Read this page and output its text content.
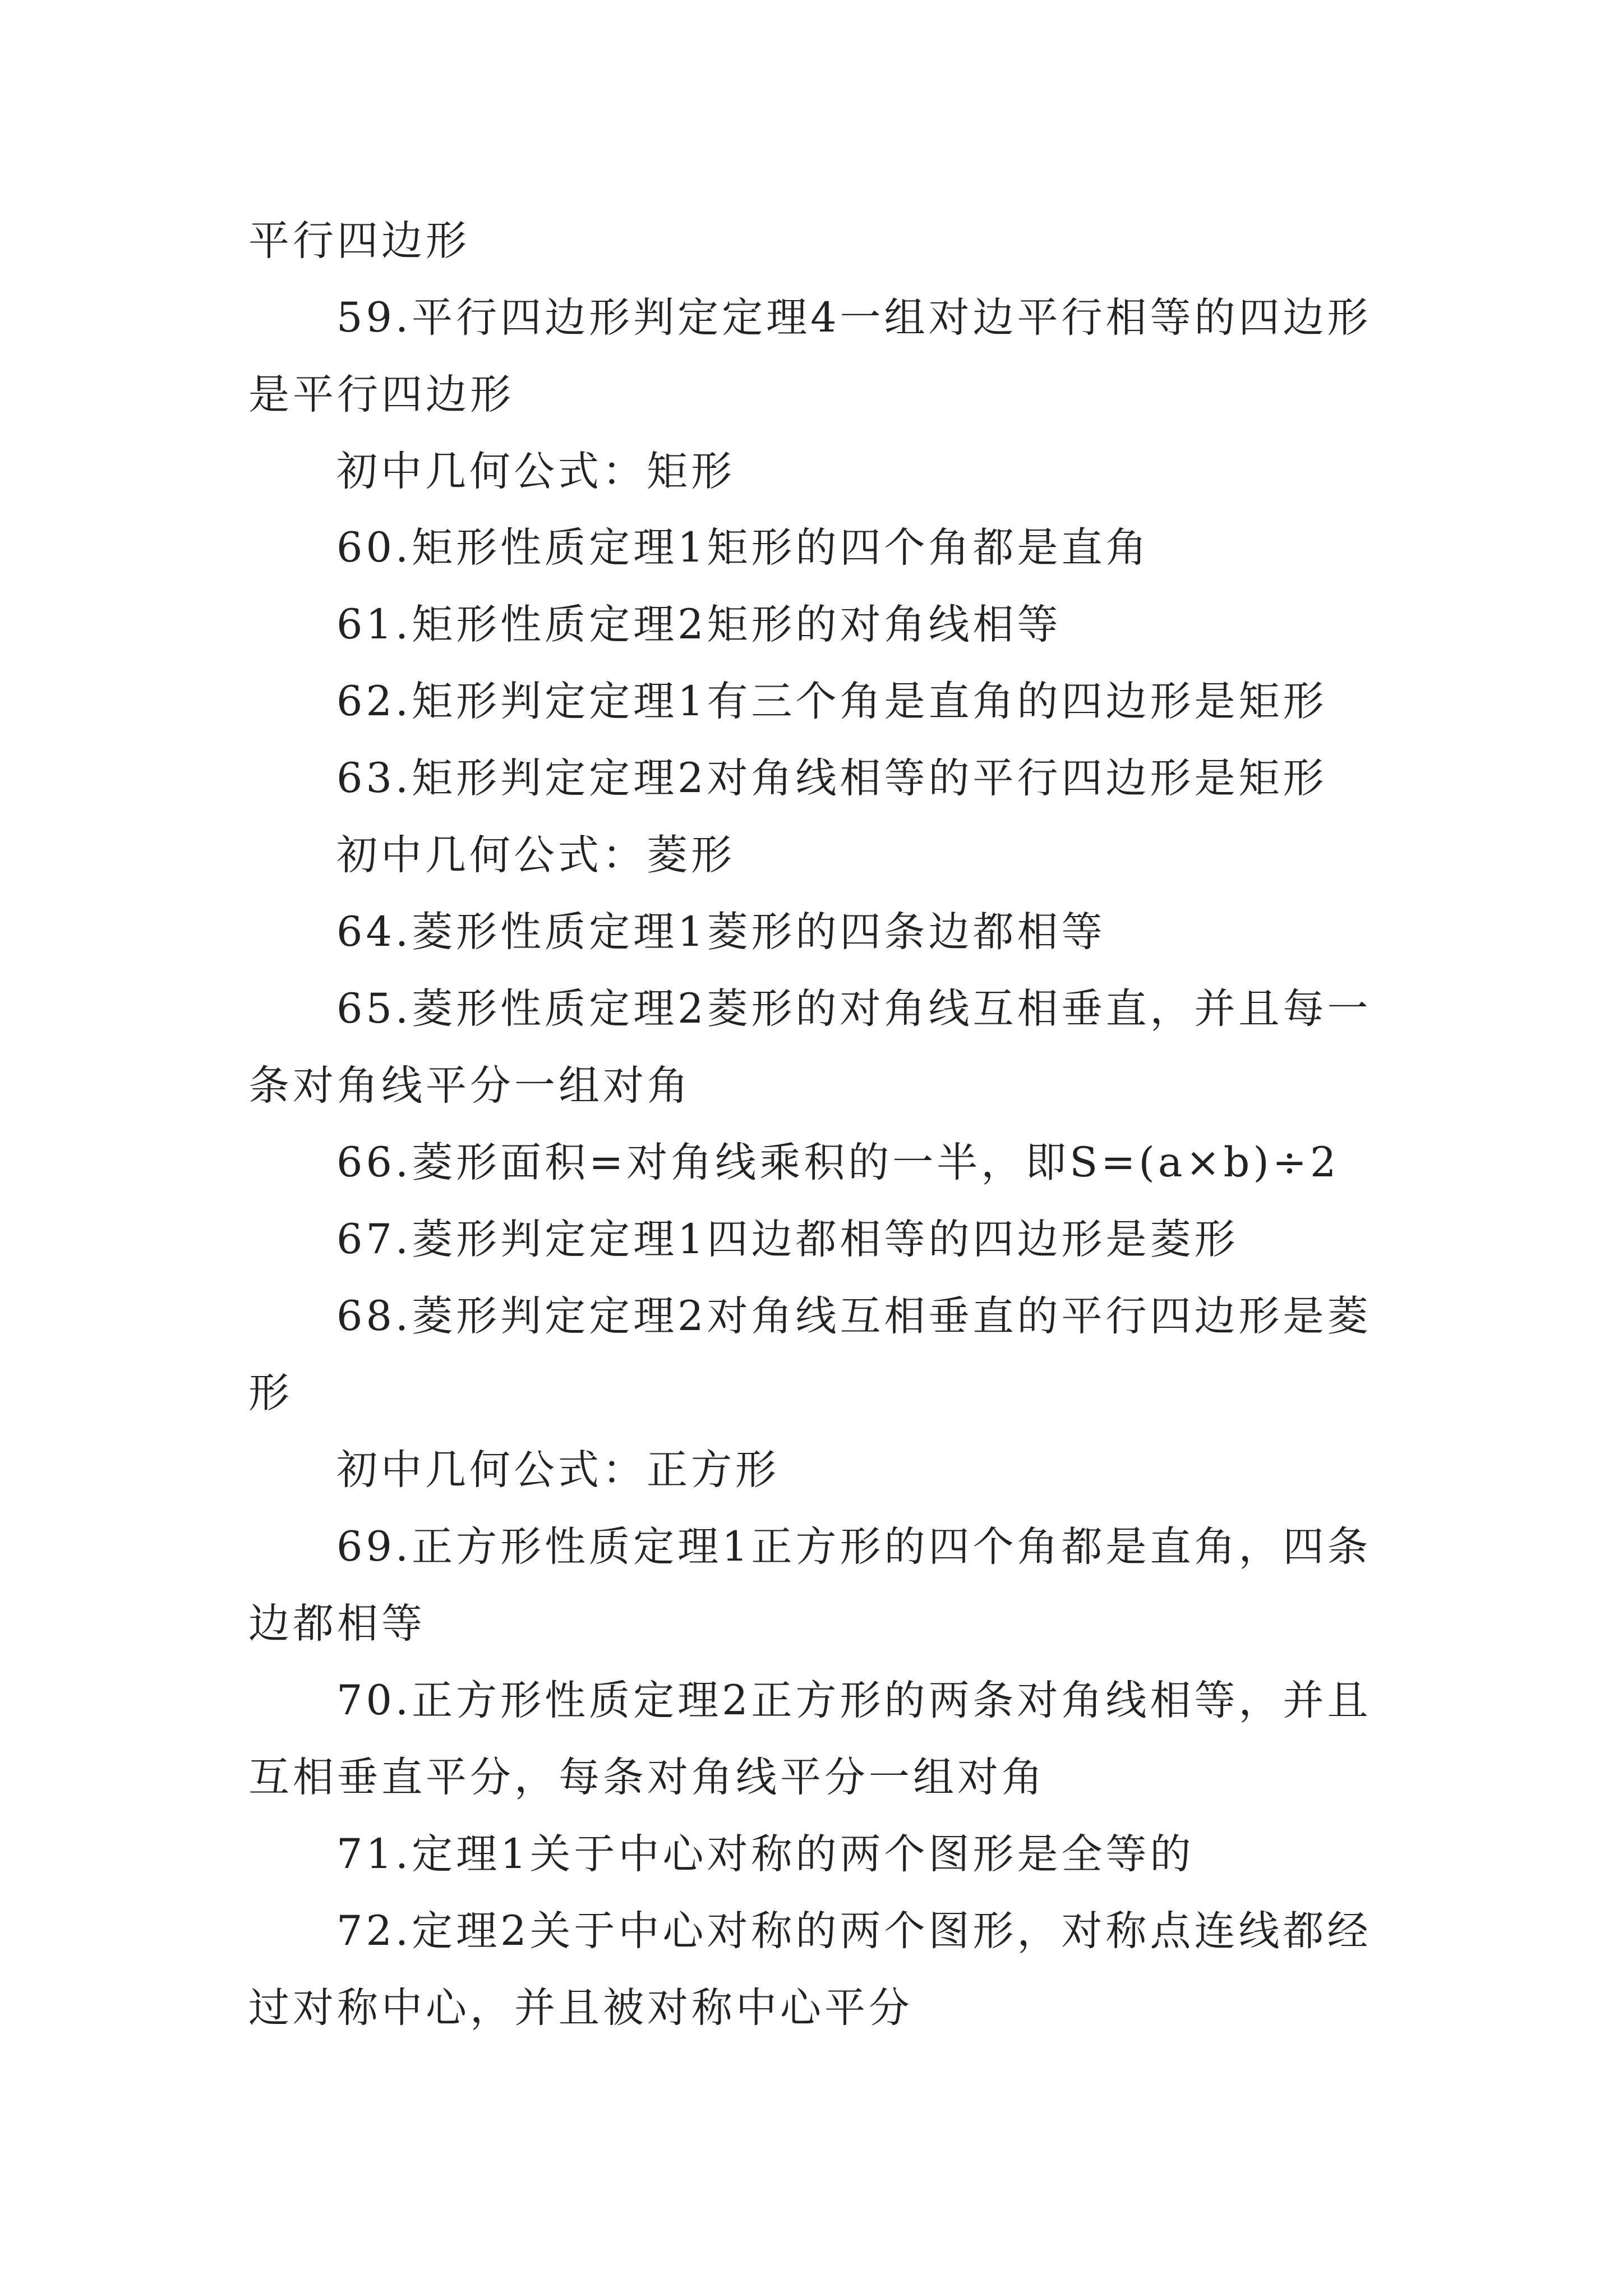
平行四边形
59.平行四边形判定定理4一组对边平行相等的四边形
是平行四边形
初中几何公式：矩形
60.矩形性质定理1矩形的四个角都是直角
61.矩形性质定理2矩形的对角线相等
62.矩形判定定理1有三个角是直角的四边形是矩形
63.矩形判定定理2对角线相等的平行四边形是矩形
初中几何公式：菱形
64.菱形性质定理1菱形的四条边都相等
65.菱形性质定理2菱形的对角线互相垂直，并且每一
条对角线平分一组对角
66.菱形面积=对角线乘积的一半，即S=(a×b)÷2
67.菱形判定定理1四边都相等的四边形是菱形
68.菱形判定定理2对角线互相垂直的平行四边形是菱
形
初中几何公式：正方形
69.正方形性质定理1正方形的四个角都是直角，四条
边都相等
70.正方形性质定理2正方形的两条对角线相等，并且
互相垂直平分，每条对角线平分一组对角
71.定理1关于中心对称的两个图形是全等的
72.定理2关于中心对称的两个图形，对称点连线都经
过对称中心，并且被对称中心平分
